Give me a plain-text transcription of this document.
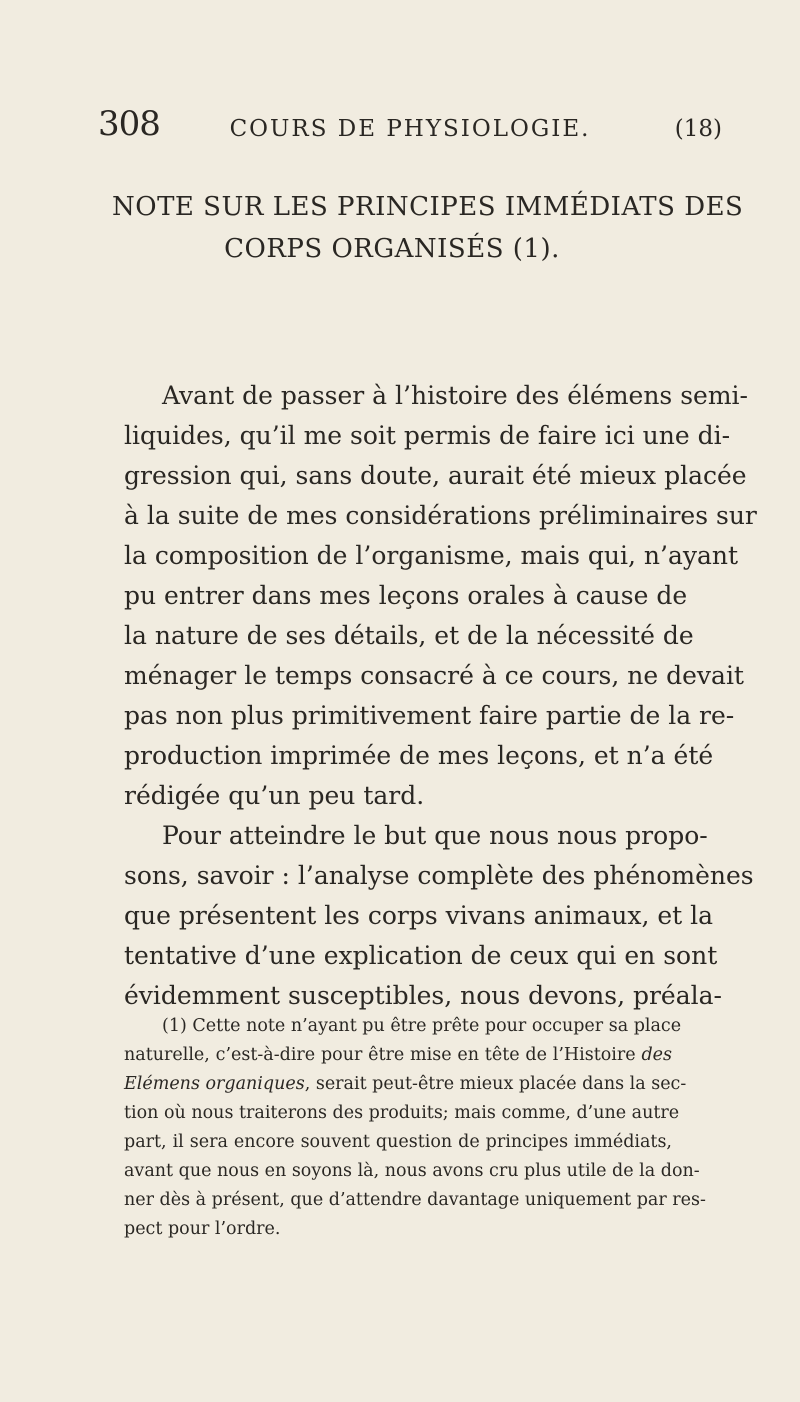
308	COURS DE PHYSIOLOGIE.	(18)
NOTE SUR LES PRINCIPES IMMÉDIATS DES
CORPS ORGANISÉS (1).
Avant de passer à l’histoire des élémens semi-
liquides, qu’il me soit permis de faire ici une di-
gression qui, sans doute, aurait été mieux placée
à la suite de mes considérations préliminaires sur
la composition de l’organisme, mais qui, n’ayant
pu entrer dans mes leçons orales à cause de
la nature de ses détails, et de la nécessité de
ménager le temps consacré à ce cours, ne devait
pas non plus primitivement faire partie de la re-
production imprimée de mes leçons, et n’a été
rédigée qu’un peu tard.
Pour atteindre le but que nous nous propo-
sons, savoir : l’analyse complète des phénomènes
que présentent les corps vivans animaux, et la
tentative d’une explication de ceux qui en sont
évidemment susceptibles, nous devons, préala-
(1) Cette note n’ayant pu être prête pour occuper sa place
naturelle, c’est-à-dire pour être mise en tête de l’Histoire des
Elémens organiques, serait peut-être mieux placée dans la sec-
tion où nous traiterons des produits; mais comme, d’une autre
part, il sera encore souvent question de principes immédiats,
avant que nous en soyons là, nous avons cru plus utile de la don-
ner dès à présent, que d’attendre davantage uniquement par res-
pect pour l’ordre.
